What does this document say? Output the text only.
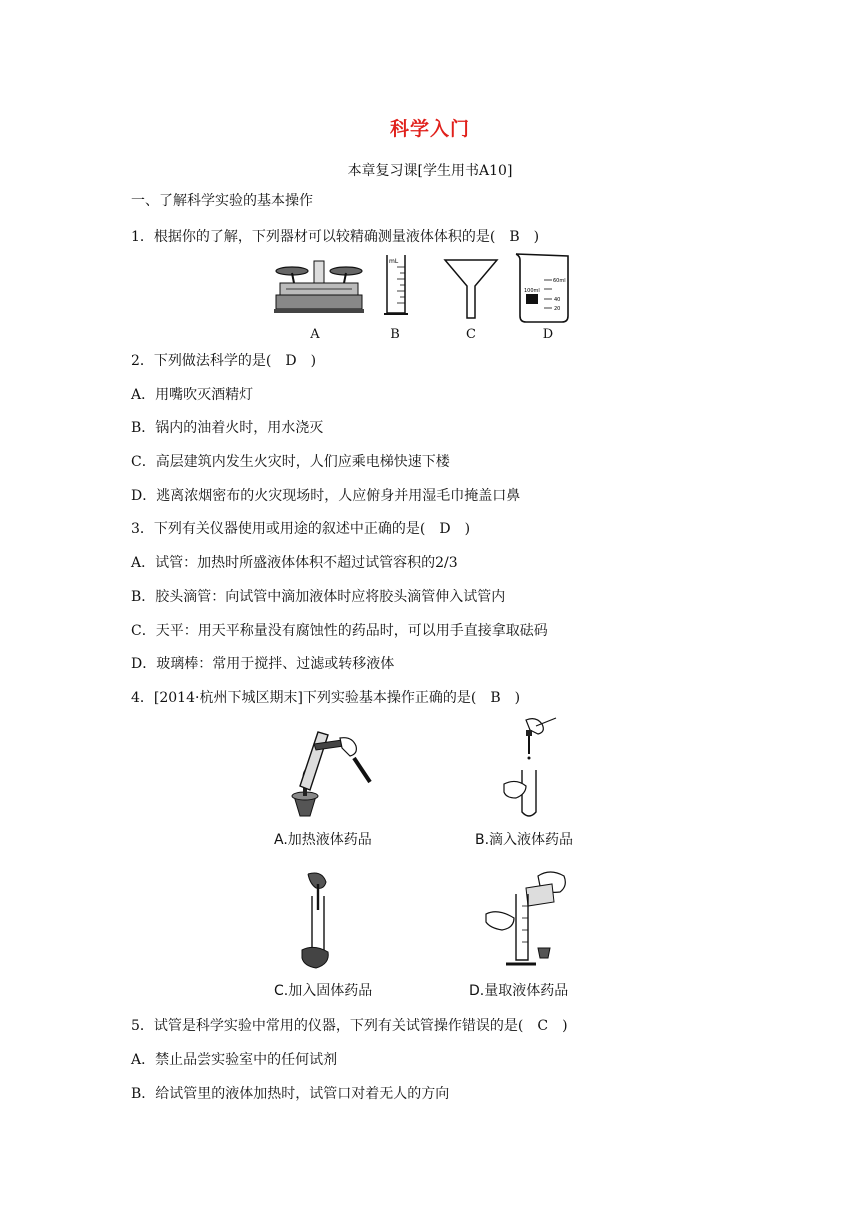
科学入门
本章复习课[学生用书A10]
一、了解科学实验的基本操作
1．根据你的了解，下列器材可以较精确测量液体体积的是(　B　)
mL
60ml
40
20
100ml
A	B	C	D
2．下列做法科学的是(　D　)
A．用嘴吹灭酒精灯
B．锅内的油着火时，用水浇灭
C．高层建筑内发生火灾时，人们应乘电梯快速下楼
D．逃离浓烟密布的火灾现场时，人应俯身并用湿毛巾掩盖口鼻
3．下列有关仪器使用或用途的叙述中正确的是(　D　)
A．试管：加热时所盛液体体积不超过试管容积的2/3
B．胶头滴管：向试管中滴加液体时应将胶头滴管伸入试管内
C．天平：用天平称量没有腐蚀性的药品时，可以用手直接拿取砝码
D．玻璃棒：常用于搅拌、过滤或转移液体
4．[2014·杭州下城区期末]下列实验基本操作正确的是(　B　)
A.加热液体药品	B.滴入液体药品
C.加入固体药品	D.量取液体药品
5．试管是科学实验中常用的仪器，下列有关试管操作错误的是(　C　)
A．禁止品尝实验室中的任何试剂
B．给试管里的液体加热时，试管口对着无人的方向
